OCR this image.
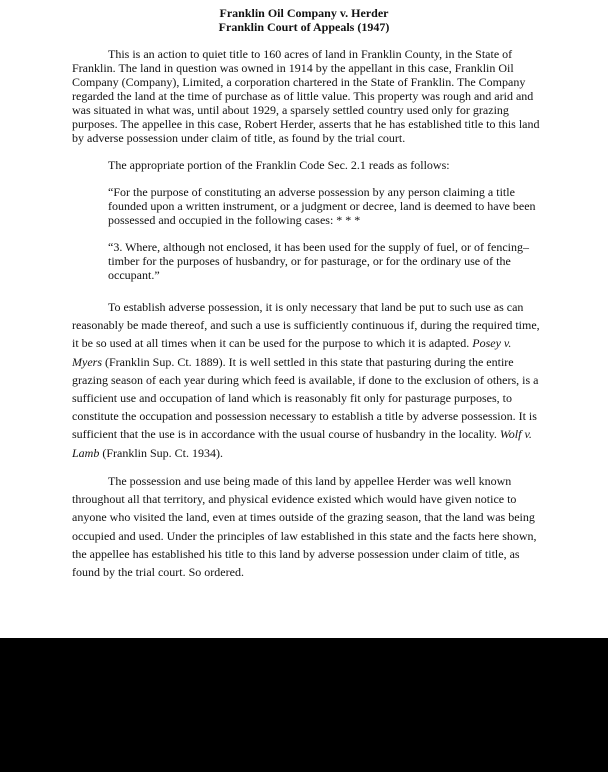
Franklin Oil Company v. Herder
Franklin Court of Appeals (1947)

This is an action to quiet title to 160 acres of land in Franklin County, in the State of Franklin. The land in question was owned in 1914 by the appellant in this case, Franklin Oil Company (Company), Limited, a corporation chartered in the State of Franklin. The Company regarded the land at the time of purchase as of little value. This property was rough and arid and was situated in what was, until about 1929, a sparsely settled country used only for grazing purposes. The appellee in this case, Robert Herder, asserts that he has established title to this land by adverse possession under claim of title, as found by the trial court.

The appropriate portion of the Franklin Code Sec. 2.1 reads as follows:

“For the purpose of constituting an adverse possession by any person claiming a title founded upon a written instrument, or a judgment or decree, land is deemed to have been possessed and occupied in the following cases: * * *

“3. Where, although not enclosed, it has been used for the supply of fuel, or of fencing–timber for the purposes of husbandry, or for pasturage, or for the ordinary use of the occupant.”

To establish adverse possession, it is only necessary that land be put to such use as can reasonably be made thereof, and such a use is sufficiently continuous if, during the required time, it be so used at all times when it can be used for the purpose to which it is adapted. Posey v. Myers (Franklin Sup. Ct. 1889). It is well settled in this state that pasturing during the entire grazing season of each year during which feed is available, if done to the exclusion of others, is a sufficient use and occupation of land which is reasonably fit only for pasturage purposes, to constitute the occupation and possession necessary to establish a title by adverse possession. It is sufficient that the use is in accordance with the usual course of husbandry in the locality. Wolf v. Lamb (Franklin Sup. Ct. 1934).

The possession and use being made of this land by appellee Herder was well known throughout all that territory, and physical evidence existed which would have given notice to anyone who visited the land, even at times outside of the grazing season, that the land was being occupied and used. Under the principles of law established in this state and the facts here shown, the appellee has established his title to this land by adverse possession under claim of title, as found by the trial court. So ordered.
